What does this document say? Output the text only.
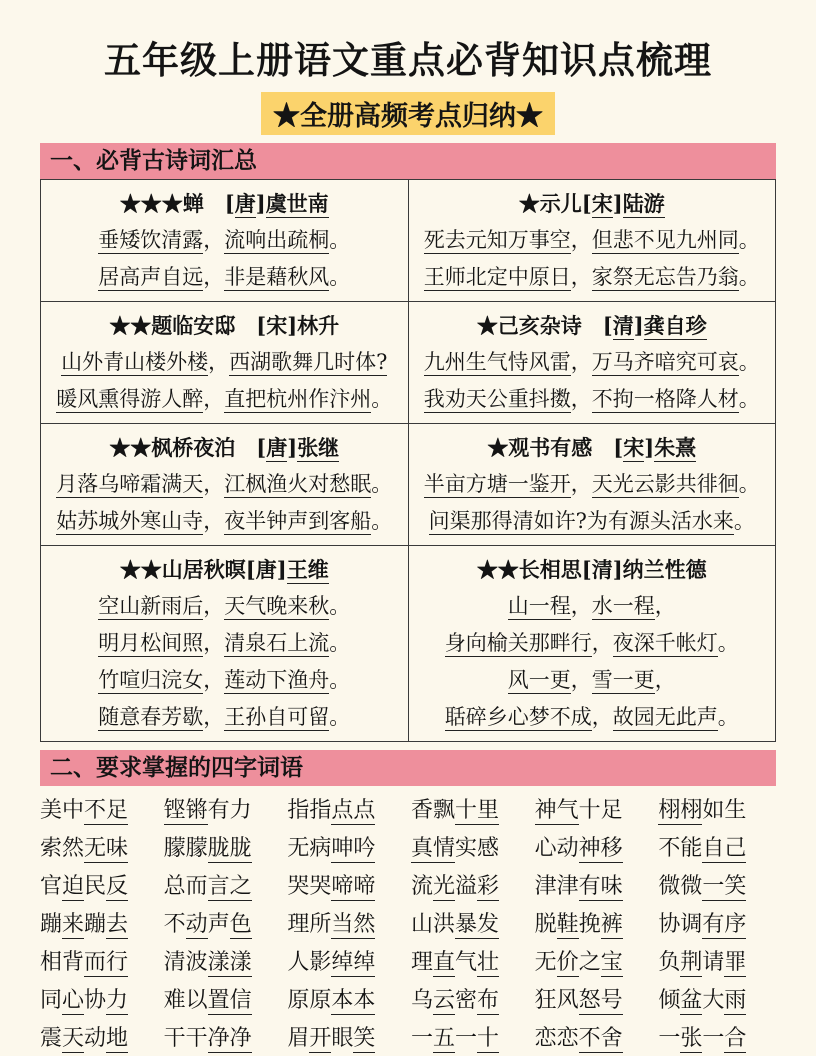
五年级上册语文重点必背知识点梳理
★全册高频考点归纳★
一、必背古诗词汇总
★★★蝉　[唐]虞世南
垂矮饮清露，流响出疏桐。
居高声自远，非是藉秋风。

★示儿[宋]陆游
死去元知万事空，但悲不见九州同。
王师北定中原日，家祭无忘告乃翁。

★★题临安邸　[宋]林升
山外青山楼外楼，西湖歌舞几时体?
暖风熏得游人醉，直把杭州作汴州。

★己亥杂诗　[清]龚自珍
九州生气恃风雷，万马齐喑究可哀。
我劝天公重抖擞，不拘一格降人材。

★★枫桥夜泊　[唐]张继
月落乌啼霜满天，江枫渔火对愁眠。
姑苏城外寒山寺，夜半钟声到客船。

★观书有感　[宋]朱熹
半亩方塘一鉴开，天光云影共徘徊。
问渠那得清如许?为有源头活水来。

★★山居秋暝[唐]王维
空山新雨后，天气晚来秋。
明月松间照，清泉石上流。
竹喧归浣女，莲动下渔舟。
随意春芳歇，王孙自可留。

★★长相思[清]纳兰性德
山一程，水一程，
身向榆关那畔行，夜深千帐灯。
风一更，雪一更，
聒碎乡心梦不成，故园无此声。
二、要求掌握的四字词语
美中不足	铿锵有力	指指点点	香飘十里	神气十足	栩栩如生
索然无味	朦朦胧胧	无病呻吟	真情实感	心动神移	不能自己
官迫民反	总而言之	哭哭啼啼	流光溢彩	津津有味	微微一笑
蹦来蹦去	不动声色	理所当然	山洪暴发	脱鞋挽裤	协调有序
相背而行	清波漾漾	人影绰绰	理直气壮	无价之宝	负荆请罪
同心协力	难以置信	原原本本	乌云密布	狂风怒号	倾盆大雨
震天动地	干干净净	眉开眼笑	一五一十	恋恋不舍	一张一合
